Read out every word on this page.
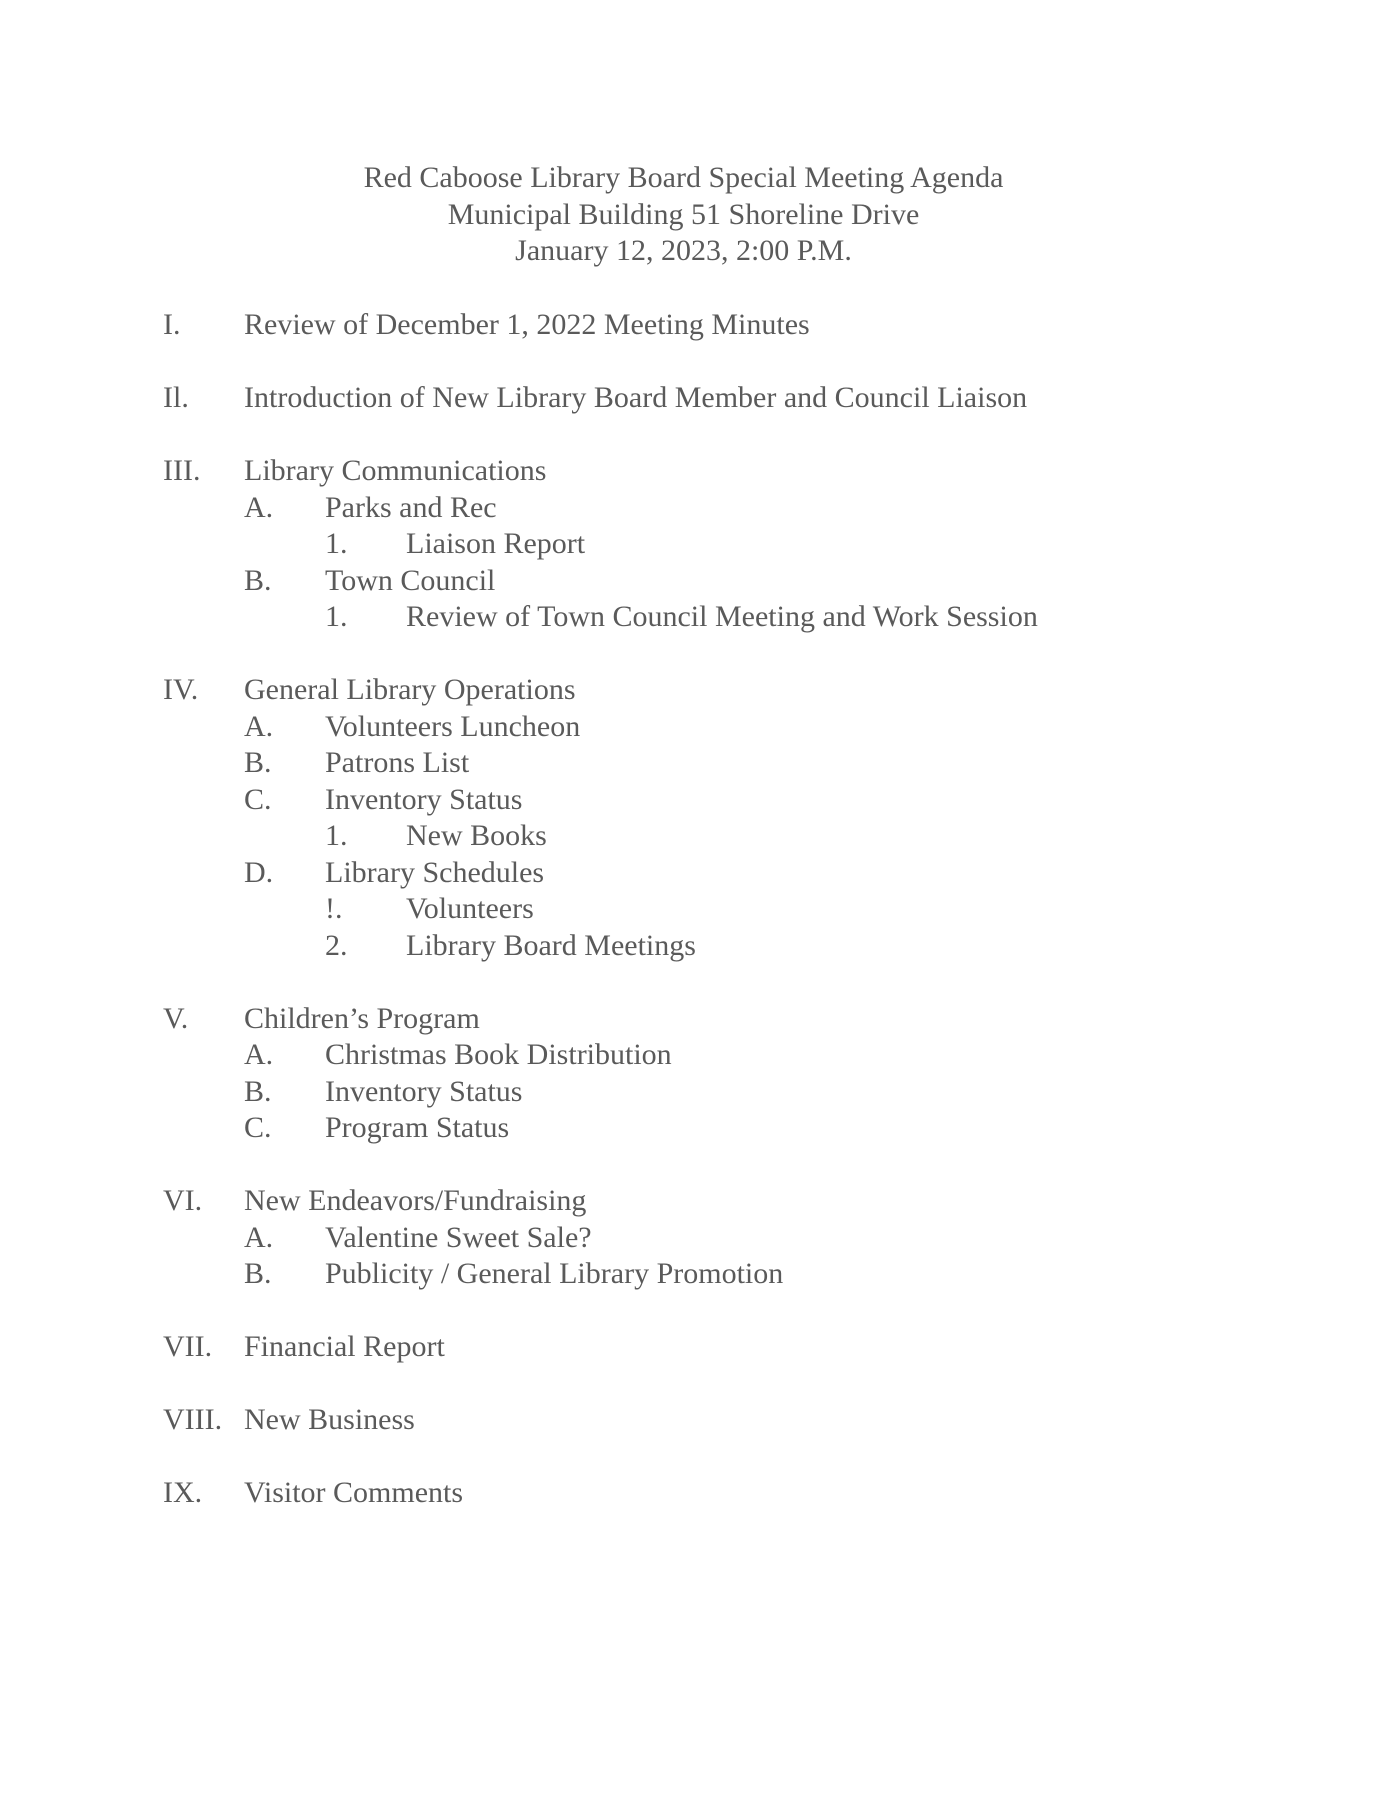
Red Caboose Library Board Special Meeting Agenda
Municipal Building 51 Shoreline Drive
January 12, 2023, 2:00 P.M.
I.	Review of December 1, 2022 Meeting Minutes
Il.	Introduction of New Library Board Member and Council Liaison
III.	Library Communications
A.	Parks and Rec
1.	Liaison Report
B.	Town Council
1.	Review of Town Council Meeting and Work Session
IV.	General Library Operations
A.	Volunteers Luncheon
B.	Patrons List
C.	Inventory Status
1.	New Books
D.	Library Schedules
!.	Volunteers
2.	Library Board Meetings
V.	Children’s Program
A.	Christmas Book Distribution
B.	Inventory Status
C.	Program Status
VI.	New Endeavors/Fundraising
A.	Valentine Sweet Sale?
B.	Publicity / General Library Promotion
VII.	Financial Report
VIII. New Business
IX.	Visitor Comments
